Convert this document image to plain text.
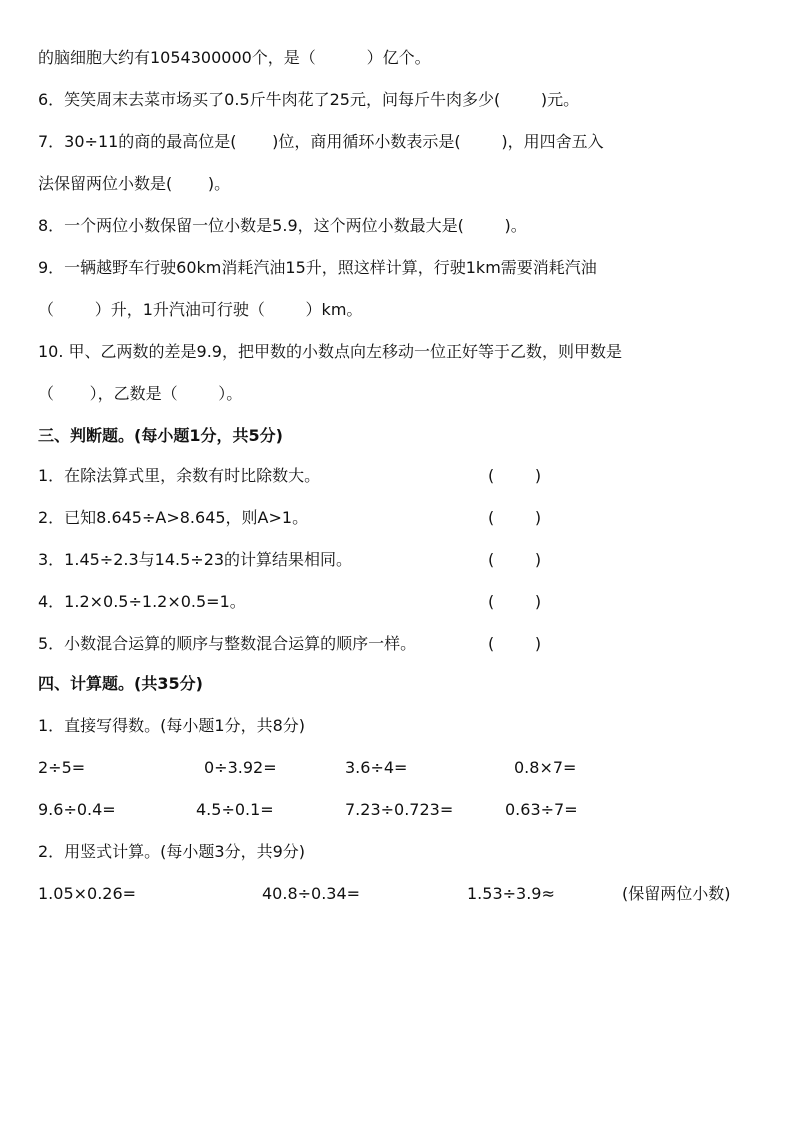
的脑细胞大约有1054300000个，是（          ）亿个。
6．笑笑周末去菜市场买了0.5斤牛肉花了25元，问每斤牛肉多少(        )元。
7．30÷11的商的最高位是(       )位，商用循环小数表示是(        )，用四舍五入
法保留两位小数是(       )。
8．一个两位小数保留一位小数是5.9，这个两位小数最大是(        )。
9．一辆越野车行驶60km消耗汽油15升，照这样计算，行驶1km需要消耗汽油
（        ）升，1升汽油可行驶（        ）km。
10. 甲、乙两数的差是9.9，把甲数的小数点向左移动一位正好等于乙数，则甲数是
（       ），乙数是（        ）。
三、判断题。(每小题1分，共5分)
1．在除法算式里，余数有时比除数大。	(        )
2．已知8.645÷A>8.645，则A>1。	(        )
3．1.45÷2.3与14.5÷23的计算结果相同。	(        )
4．1.2×0.5÷1.2×0.5=1。	(        )
5．小数混合运算的顺序与整数混合运算的顺序一样。	(        )
四、计算题。(共35分)
1．直接写得数。(每小题1分，共8分)
2÷5=	0÷3.92=	3.6÷4=	0.8×7=
9.6÷0.4=	4.5÷0.1=	7.23÷0.723=	0.63÷7=
2．用竖式计算。(每小题3分，共9分)
1.05×0.26=	40.8÷0.34=	1.53÷3.9≈	(保留两位小数)
